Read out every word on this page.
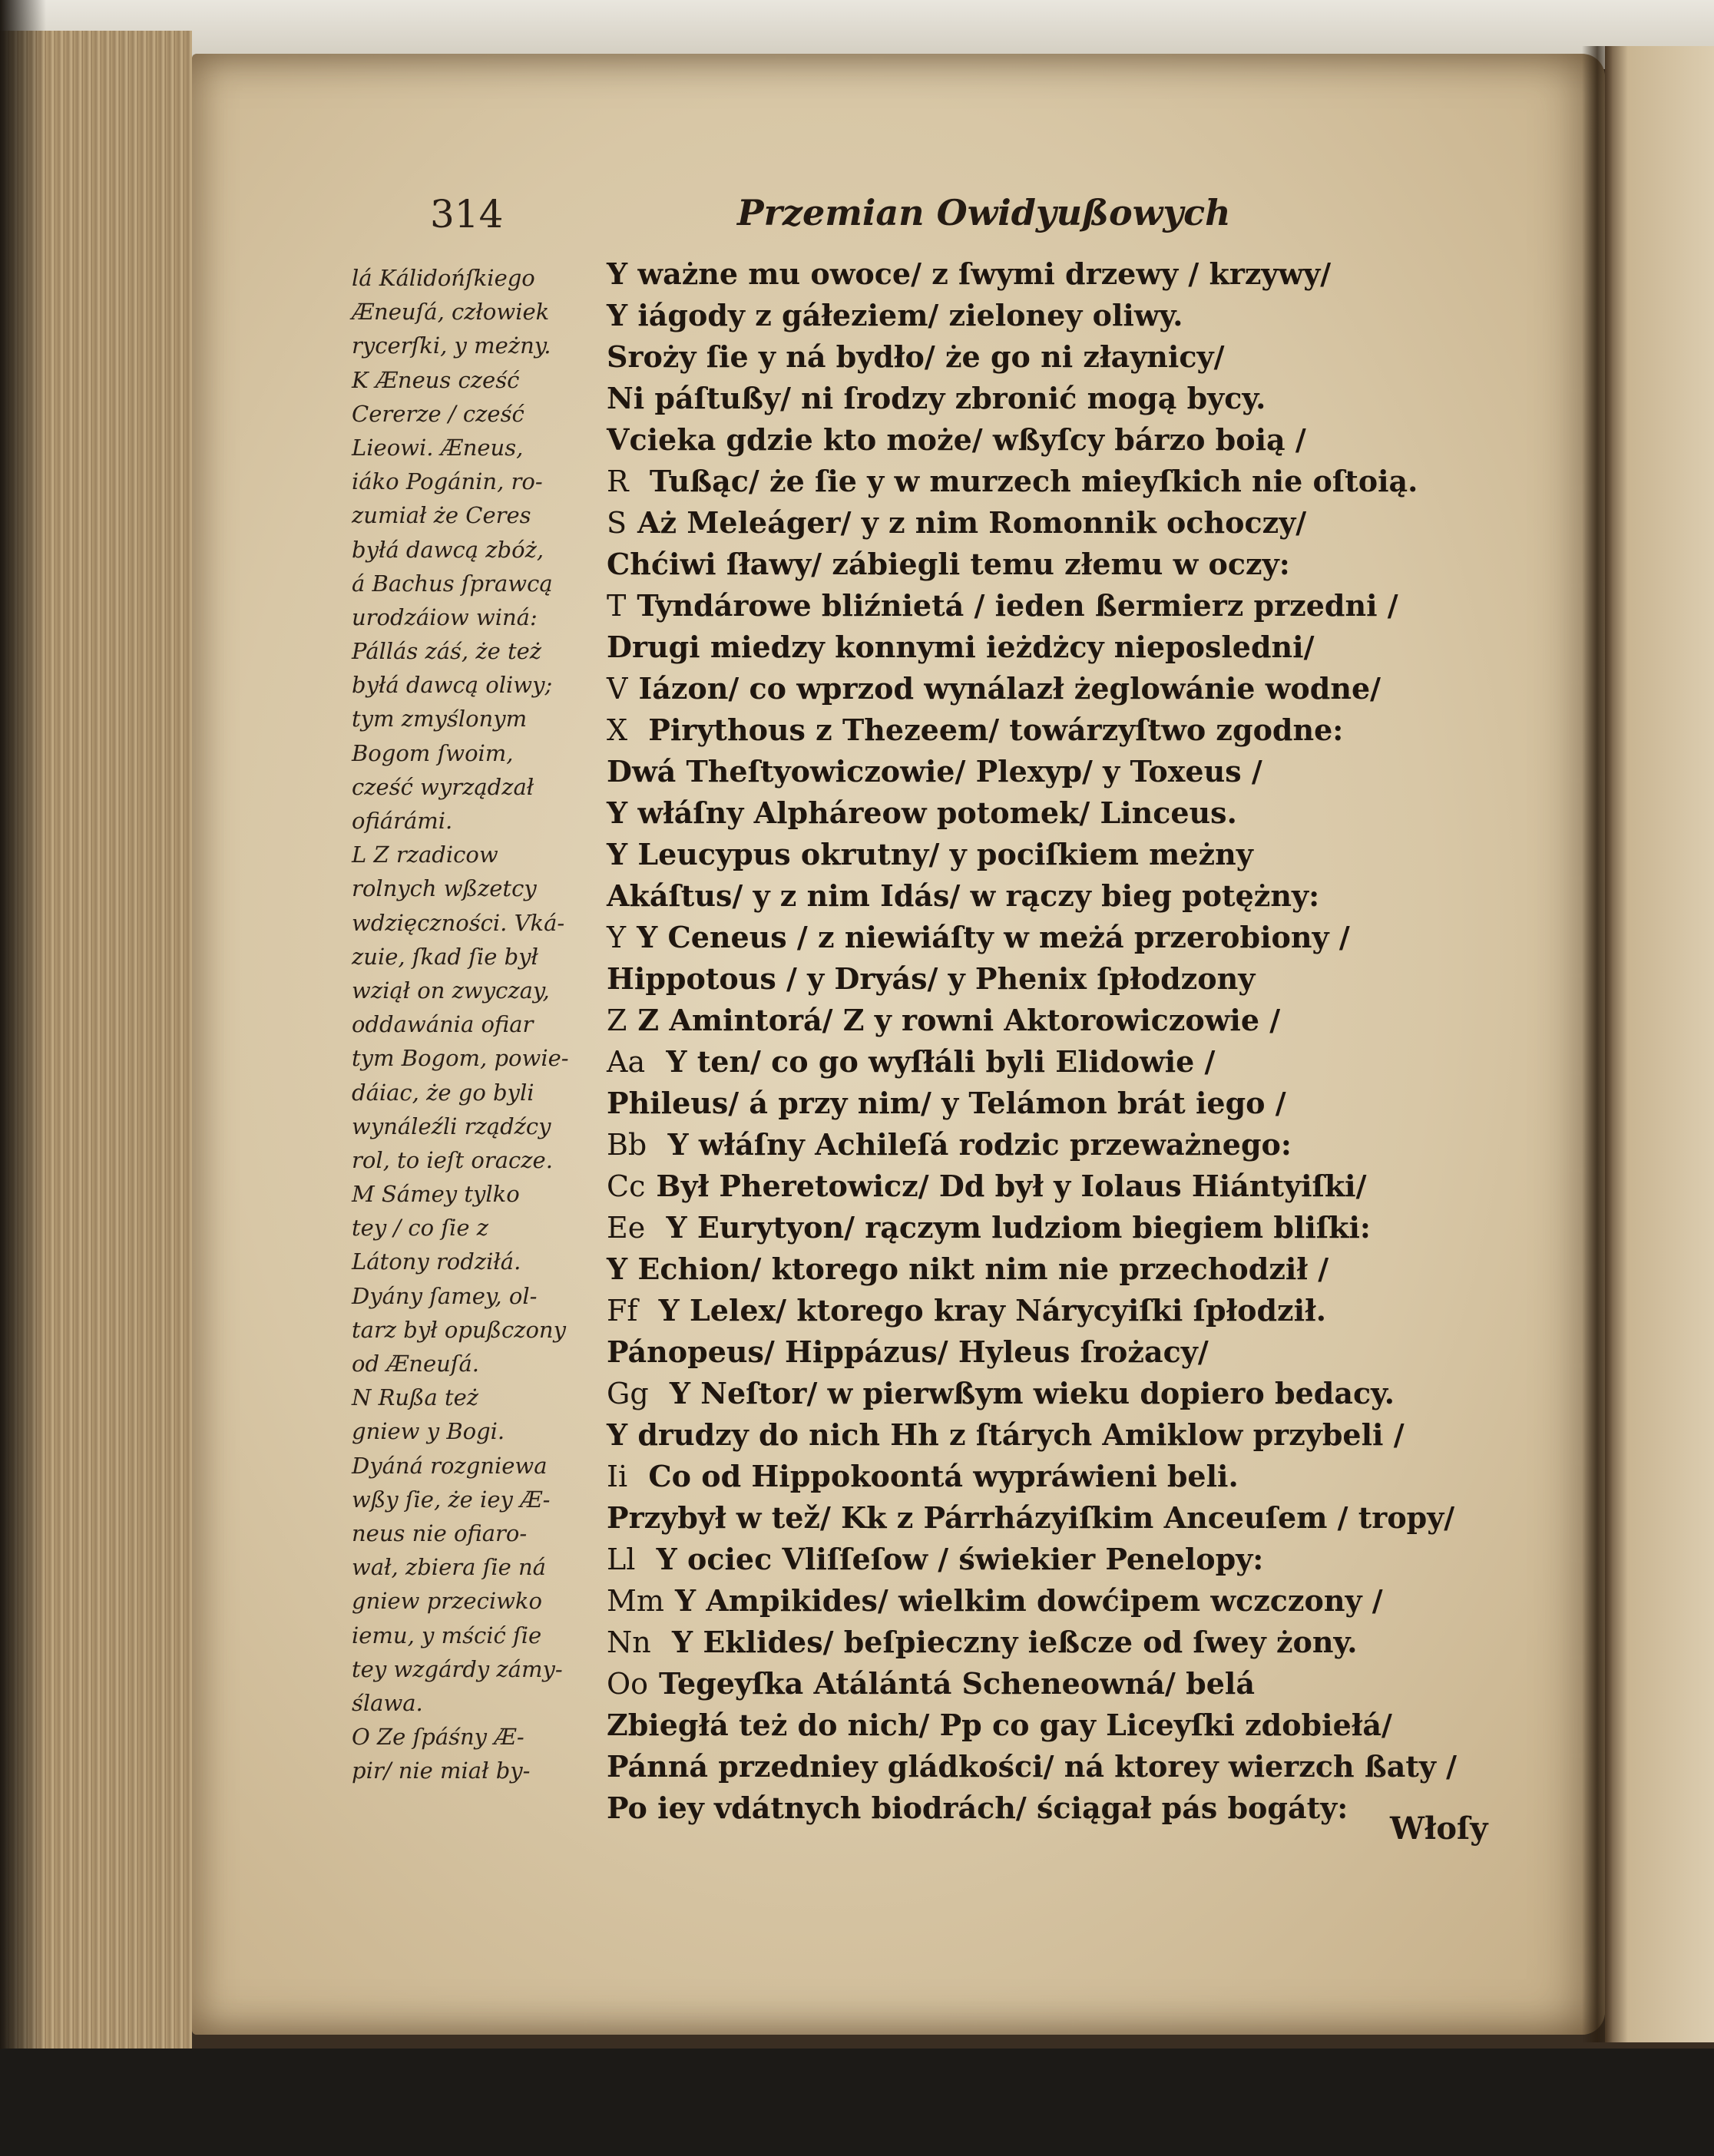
314	Przemian Owidyußowych
lá Kálidońſkiego
Æneuſá, człowiek
rycerſki, y meżny.
K Æneus cześć
Cererze / cześć
Lieowi. Æneus,
iáko Pogánin, ro-
zumiał że Ceres
byłá dawcą zbóż,
á Bachus ſprawcą
urodzáiow winá:
Pállás záś, że też
byłá dawcą oliwy;
tym zmyślonym
Bogom ſwoim,
cześć wyrządzał
ofiárámi.
L Z rzadicow
rolnych wßzetcy
wdzięczności. Vká-
zuie, ſkad ſie był
wziął on zwyczay,
oddawánia ofiar
tym Bogom, powie-
dáiac, że go byli
wynáleźli rządźcy
rol, to ieſt oracze.
M Sámey tylko
tey / co ſie z
Látony rodziłá.
Dyány ſamey, ol-
tarz był opußczony
od Æneuſá.
N Rußa też
gniew y Bogi.
Dyáná rozgniewa
wßy ſie, że iey Æ-
neus nie ofiaro-
wał, zbiera ſie ná
gniew przeciwko
iemu, y mścić ſie
tey wzgárdy zámy-
ślawa.
O Ze ſpáśny Æ-
pir/ nie miał by-
Y ważne mu owoce/ z ſwymi drzewy / krzywy/
Y iágody z gáłeziem/ zieloney oliwy.
Sroży ſie y ná bydło/ że go ni złaynicy/
Ni páſtußy/ ni ſrodzy zbronić mogą bycy.
Vcieka gdzie kto może/ wßyſcy bárzo boią /
R Tußąc/ że ſie y w murzech mieyſkich nie oſtoią.
S Aż Meleáger/ y z nim Romonnik ochoczy/
Chćiwi ſławy/ zábiegli temu złemu w oczy:
T Tyndárowe bliźnietá / ieden ßermierz przedni /
Drugi miedzy konnymi ieżdżcy nieposledni/
V Iázon/ co wprzod wynálazł żeglowánie wodne/
X Pirythous z Thezeem/ towárzyſtwo zgodne:
Dwá Theſtyowiczowie/ Plexyp/ y Toxeus /
Y włáſny Alpháreow potomek/ Linceus.
Y Leucypus okrutny/ y pociſkiem meżny
Akáſtus/ y z nim Idás/ w rączy bieg potężny:
Y Y Ceneus / z niewiáſty w meżá przerobiony /
Hippotous / y Dryás/ y Phenix ſpłodzony
Z Z Amintorá/ Z y rowni Aktorowiczowie /
Aa Y ten/ co go wyſłáli byli Elidowie /
Phileus/ á przy nim/ y Telámon brát iego /
Bb Y włáſny Achileſá rodzic przeważnego:
Cc Był Pheretowicz/ Dd był y Iolaus Hiántyiſki/
Ee Y Eurytyon/ rączym ludziom biegiem bliſki:
Y Echion/ ktorego nikt nim nie przechodził /
Ff Y Lelex/ ktorego kray Nárycyiſki ſpłodził.
Pánopeus/ Hippázus/ Hyleus ſrożacy/
Gg Y Neſtor/ w pierwßym wieku dopiero bedacy.
Y drudzy do nich Hh z ſtárych Amiklow przybeli /
Ii Co od Hippokoontá wypráwieni beli.
Przybył w tež/ Kk z Párrházyiſkim Anceuſem / tropy/
Ll Y ociec Vliſſeſow / świekier Penelopy:
Mm Y Ampikides/ wielkim dowćipem wczczony /
Nn Y Eklides/ beſpieczny ießcze od ſwey żony.
Oo Tegeyſka Atálántá Scheneowná/ belá
Zbiegłá też do nich/ Pp co gay Liceyſki zdobiełá/
Pánná przedniey gládkości/ ná ktorey wierzch ßaty /
Po iey vdátnych biodrách/ ściągał pás bogáty:
Włoſy
